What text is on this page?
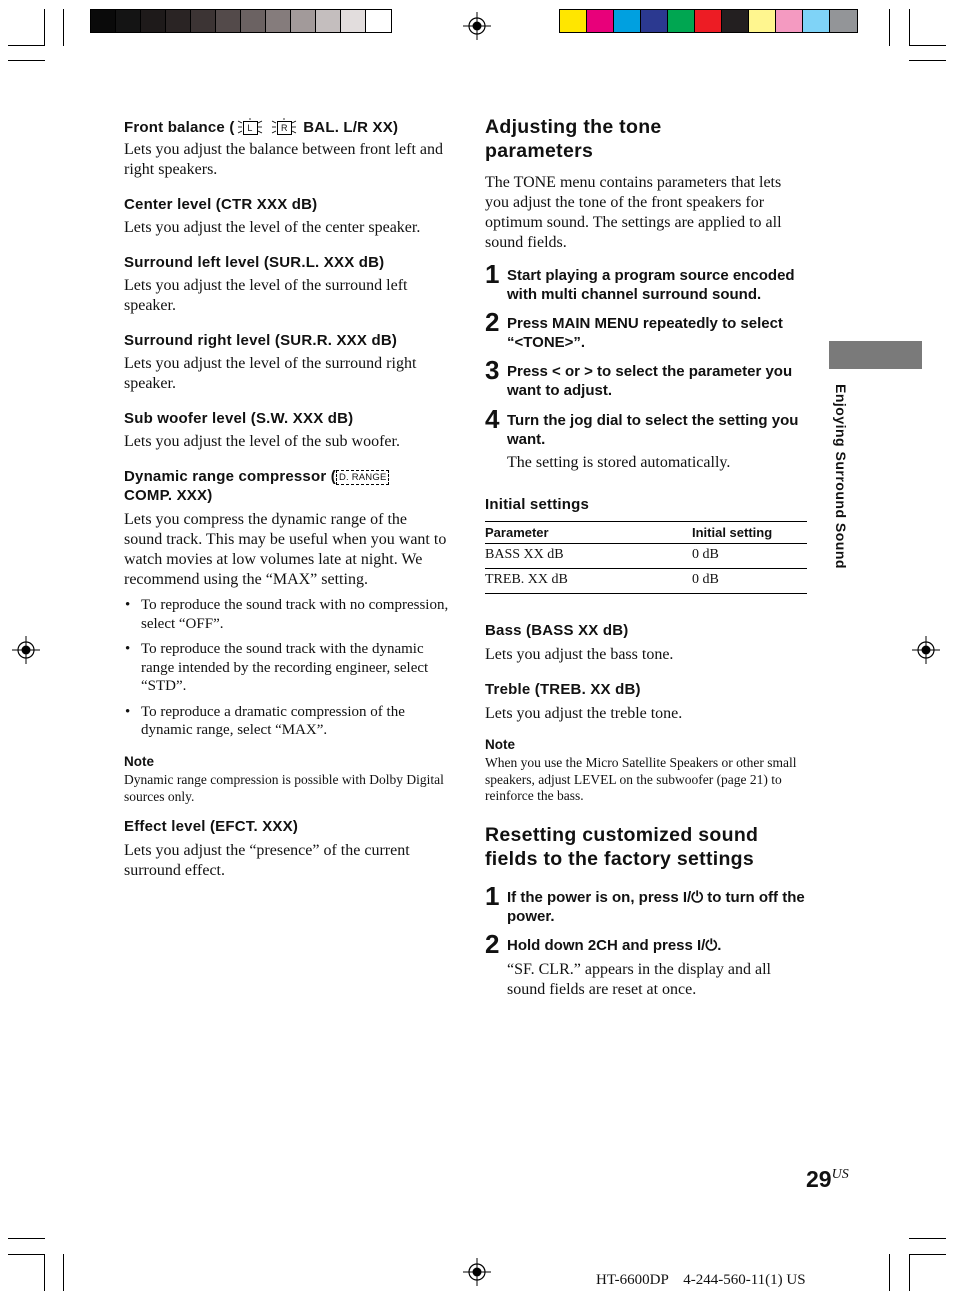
Front balance (	L
	R BAL. L/R XX)
Lets you adjust the balance between front left and right speakers.
Center level (CTR XXX dB)
Lets you adjust the level of the center speaker.
Surround left level (SUR.L. XXX dB)
Lets you adjust the level of the surround left speaker.
Surround right level (SUR.R. XXX dB)
Lets you adjust the level of the surround right speaker.
Sub woofer level (S.W. XXX dB)
Lets you adjust the level of the sub woofer.
Dynamic range compressor ( D. RANGE
COMP. XXX)
Lets you compress the dynamic range of the sound track. This may be useful when you want to watch movies at low volumes late at night. We recommend using the “MAX” setting.
• To reproduce the sound track with no compression, select “OFF”.
• To reproduce the sound track with the dynamic range intended by the recording engineer, select “STD”.
• To reproduce a dramatic compression of the dynamic range, select “MAX”.
Note
Dynamic range compression is possible with Dolby Digital sources only.
Effect level (EFCT. XXX)
Lets you adjust the “presence” of the current surround effect.
Adjusting the tone parameters
The TONE menu contains parameters that lets you adjust the tone of the front speakers for optimum sound. The settings are applied to all sound fields.
1 Start playing a program source encoded with multi channel surround sound.
2 Press MAIN MENU repeatedly to select “<TONE>”.
3 Press < or > to select the parameter you want to adjust.
4 Turn the jog dial to select the setting you want.
The setting is stored automatically.
Initial settings
Parameter	Initial setting
BASS XX dB	0 dB
TREB. XX dB	0 dB
Bass (BASS XX dB)
Lets you adjust the bass tone.
Treble (TREB. XX dB)
Lets you adjust the treble tone.
Note
When you use the Micro Satellite Speakers or other small speakers, adjust LEVEL on the subwoofer (page 21) to reinforce the bass.
Resetting customized sound fields to the factory settings
1 If the power is on, press I/⏻ to turn off the power.
2 Hold down 2CH and press I/⏻.
“SF. CLR.” appears in the display and all sound fields are reset at once.
Enjoying Surround Sound
29US
HT-6600DP    4-244-560-11(1) US
